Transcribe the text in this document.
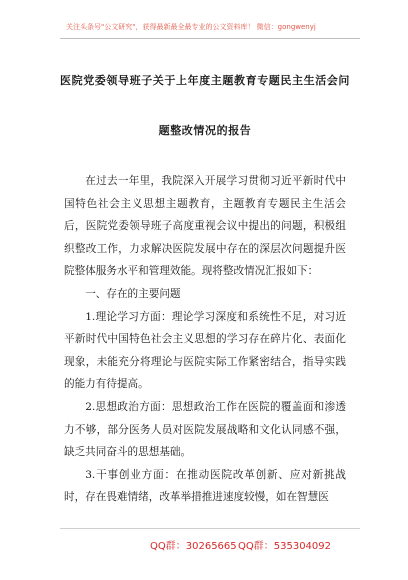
关注头条号"公文研究"，获得最新最全最专业的公文资料库！ 微信：gongwenyj
医院党委领导班子关于上年度主题教育专题民主生活会问
题整改情况的报告

在过去一年里，我院深入开展学习贯彻习近平新时代中国特色社会主义思想主题教育，主题教育专题民主生活会后，医院党委领导班子高度重视会议中提出的问题，积极组织整改工作，力求解决医院发展中存在的深层次问题提升医院整体服务水平和管理效能。现将整改情况汇报如下：

一、存在的主要问题

1.理论学习方面：理论学习深度和系统性不足，对习近平新时代中国特色社会主义思想的学习存在碎片化、表面化现象，未能充分将理论与医院实际工作紧密结合，指导实践的能力有待提高。

2.思想政治方面：思想政治工作在医院的覆盖面和渗透力不够，部分医务人员对医院发展战略和文化认同感不强，缺乏共同奋斗的思想基础。

3.干事创业方面：在推动医院改革创新、应对新挑战时，存在畏难情绪，改革举措推进速度较慢，如在智慧医

QQ群：30265665 QQ群：535304092
